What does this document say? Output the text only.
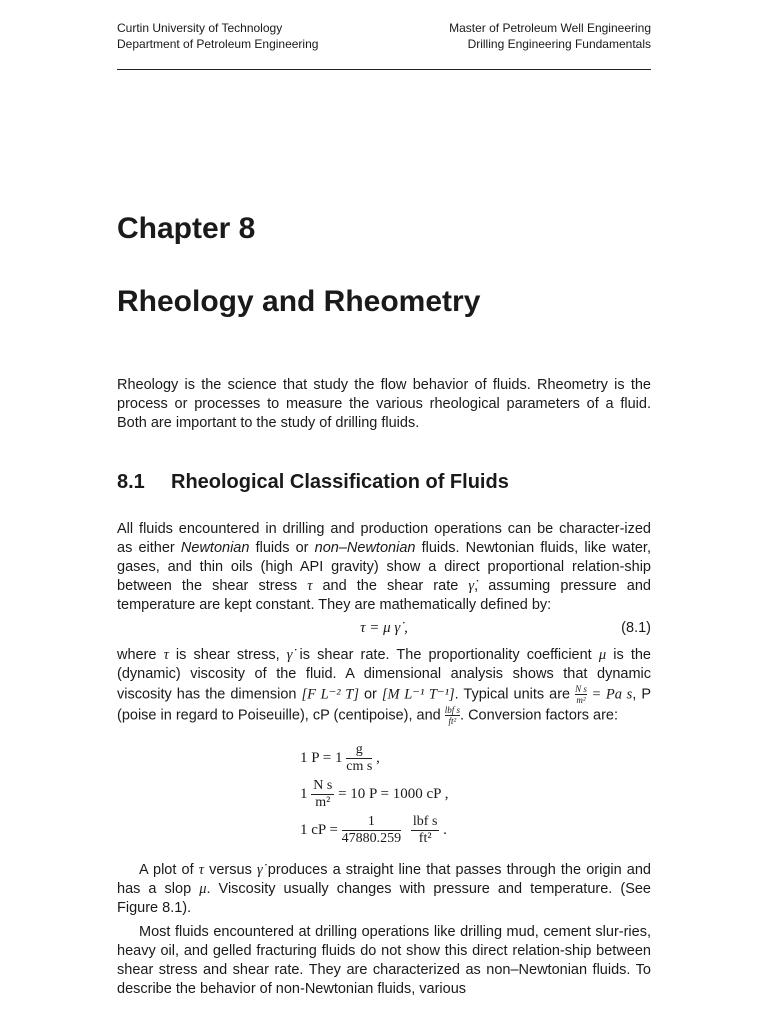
Curtin University of Technology
Department of Petroleum Engineering
Master of Petroleum Well Engineering
Drilling Engineering Fundamentals
Chapter 8
Rheology and Rheometry

Rheology is the science that study the flow behavior of fluids. Rheometry is the process or processes to measure the various rheological parameters of a fluid. Both are important to the study of drilling fluids.

8.1 Rheological Classification of Fluids

All fluids encountered in drilling and production operations can be character-ized as either Newtonian fluids or non–Newtonian fluids. Newtonian fluids, like water, gases, and thin oils (high API gravity) show a direct proportional relation-ship between the shear stress τ and the shear rate γ̇, assuming pressure and temperature are kept constant. They are mathematically defined by:

τ = μ γ̇ ,	(8.1)

where τ is shear stress, γ̇ is shear rate. The proportionality coefficient μ is the (dynamic) viscosity of the fluid. A dimensional analysis shows that dynamic viscosity has the dimension [F L⁻² T] or [M L⁻¹ T⁻¹]. Typical units are $\frac{\text{N s}}{\text{m²}} = Pa$ s, P (poise in regard to Poiseuille), cP (centipoise), and $\frac{\text{lbf s}}{\text{ft²}}$ . Conversion factors are:

1 $P = 1 \frac{g}{\text{cm s}}$ ,
$1 \frac{\text{N s}}{\text{m²}} = 10$ P = 1000 cP ,
1 cP = $\frac{1}{47880.259}$
$\frac{\text{lbf s}}{\text{ft²}}$ .

A plot of τ versus γ̇ produces a straight line that passes through the origin and has a slop μ. Viscosity usually changes with pressure and temperature. (See Figure 8.1).

Most fluids encountered at drilling operations like drilling mud, cement slur-ries, heavy oil, and gelled fracturing fluids do not show this direct relation-ship between shear stress and shear rate. They are characterized as non–Newtonian fluids. To describe the behavior of non-Newtonian fluids, various
